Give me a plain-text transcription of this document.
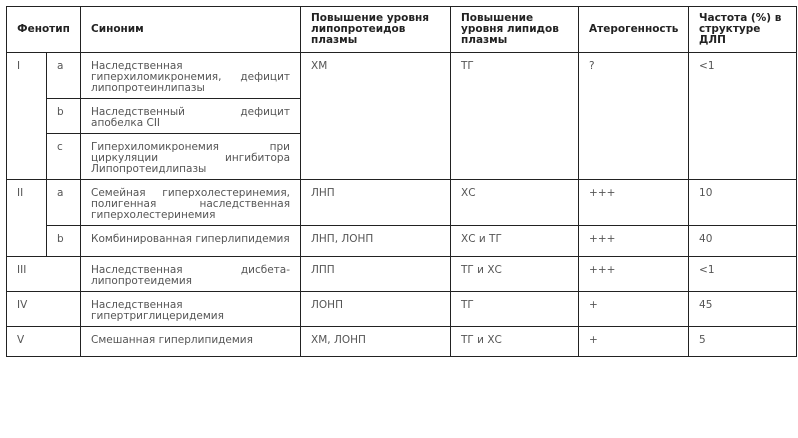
Фенотип		Синоним	Повышение уровня липопротеидов плазмы	Повышение уровня липидов плазмы	Атерогенность	Частота (%) в структуре ДЛП
I	a	Наследственная гиперхиломикронемия, дефицит липопротеинлипазы	ХМ	ТГ	?	<1
	b	Наследственный дефицит апобелка CII				
	c	Гиперхиломикронемия при циркуляции ингибитора Липопротеидлипазы				
II	a	Семейная гиперхолестеринемия, полигенная наследственная гиперхолестеринемия	ЛНП	ХС	+++	10
	b	Комбинированная гиперлипидемия	ЛНП, ЛОНП	ХС и ТГ	+++	40
III		Наследственная дисбета-липопротеидемия	ЛПП	ТГ и ХС	+++	<1
IV		Наследственная гипертриглицеридемия	ЛОНП	ТГ	+	45
V		Смешанная гиперлипидемия	ХМ, ЛОНП	ТГ и ХС	+	5
